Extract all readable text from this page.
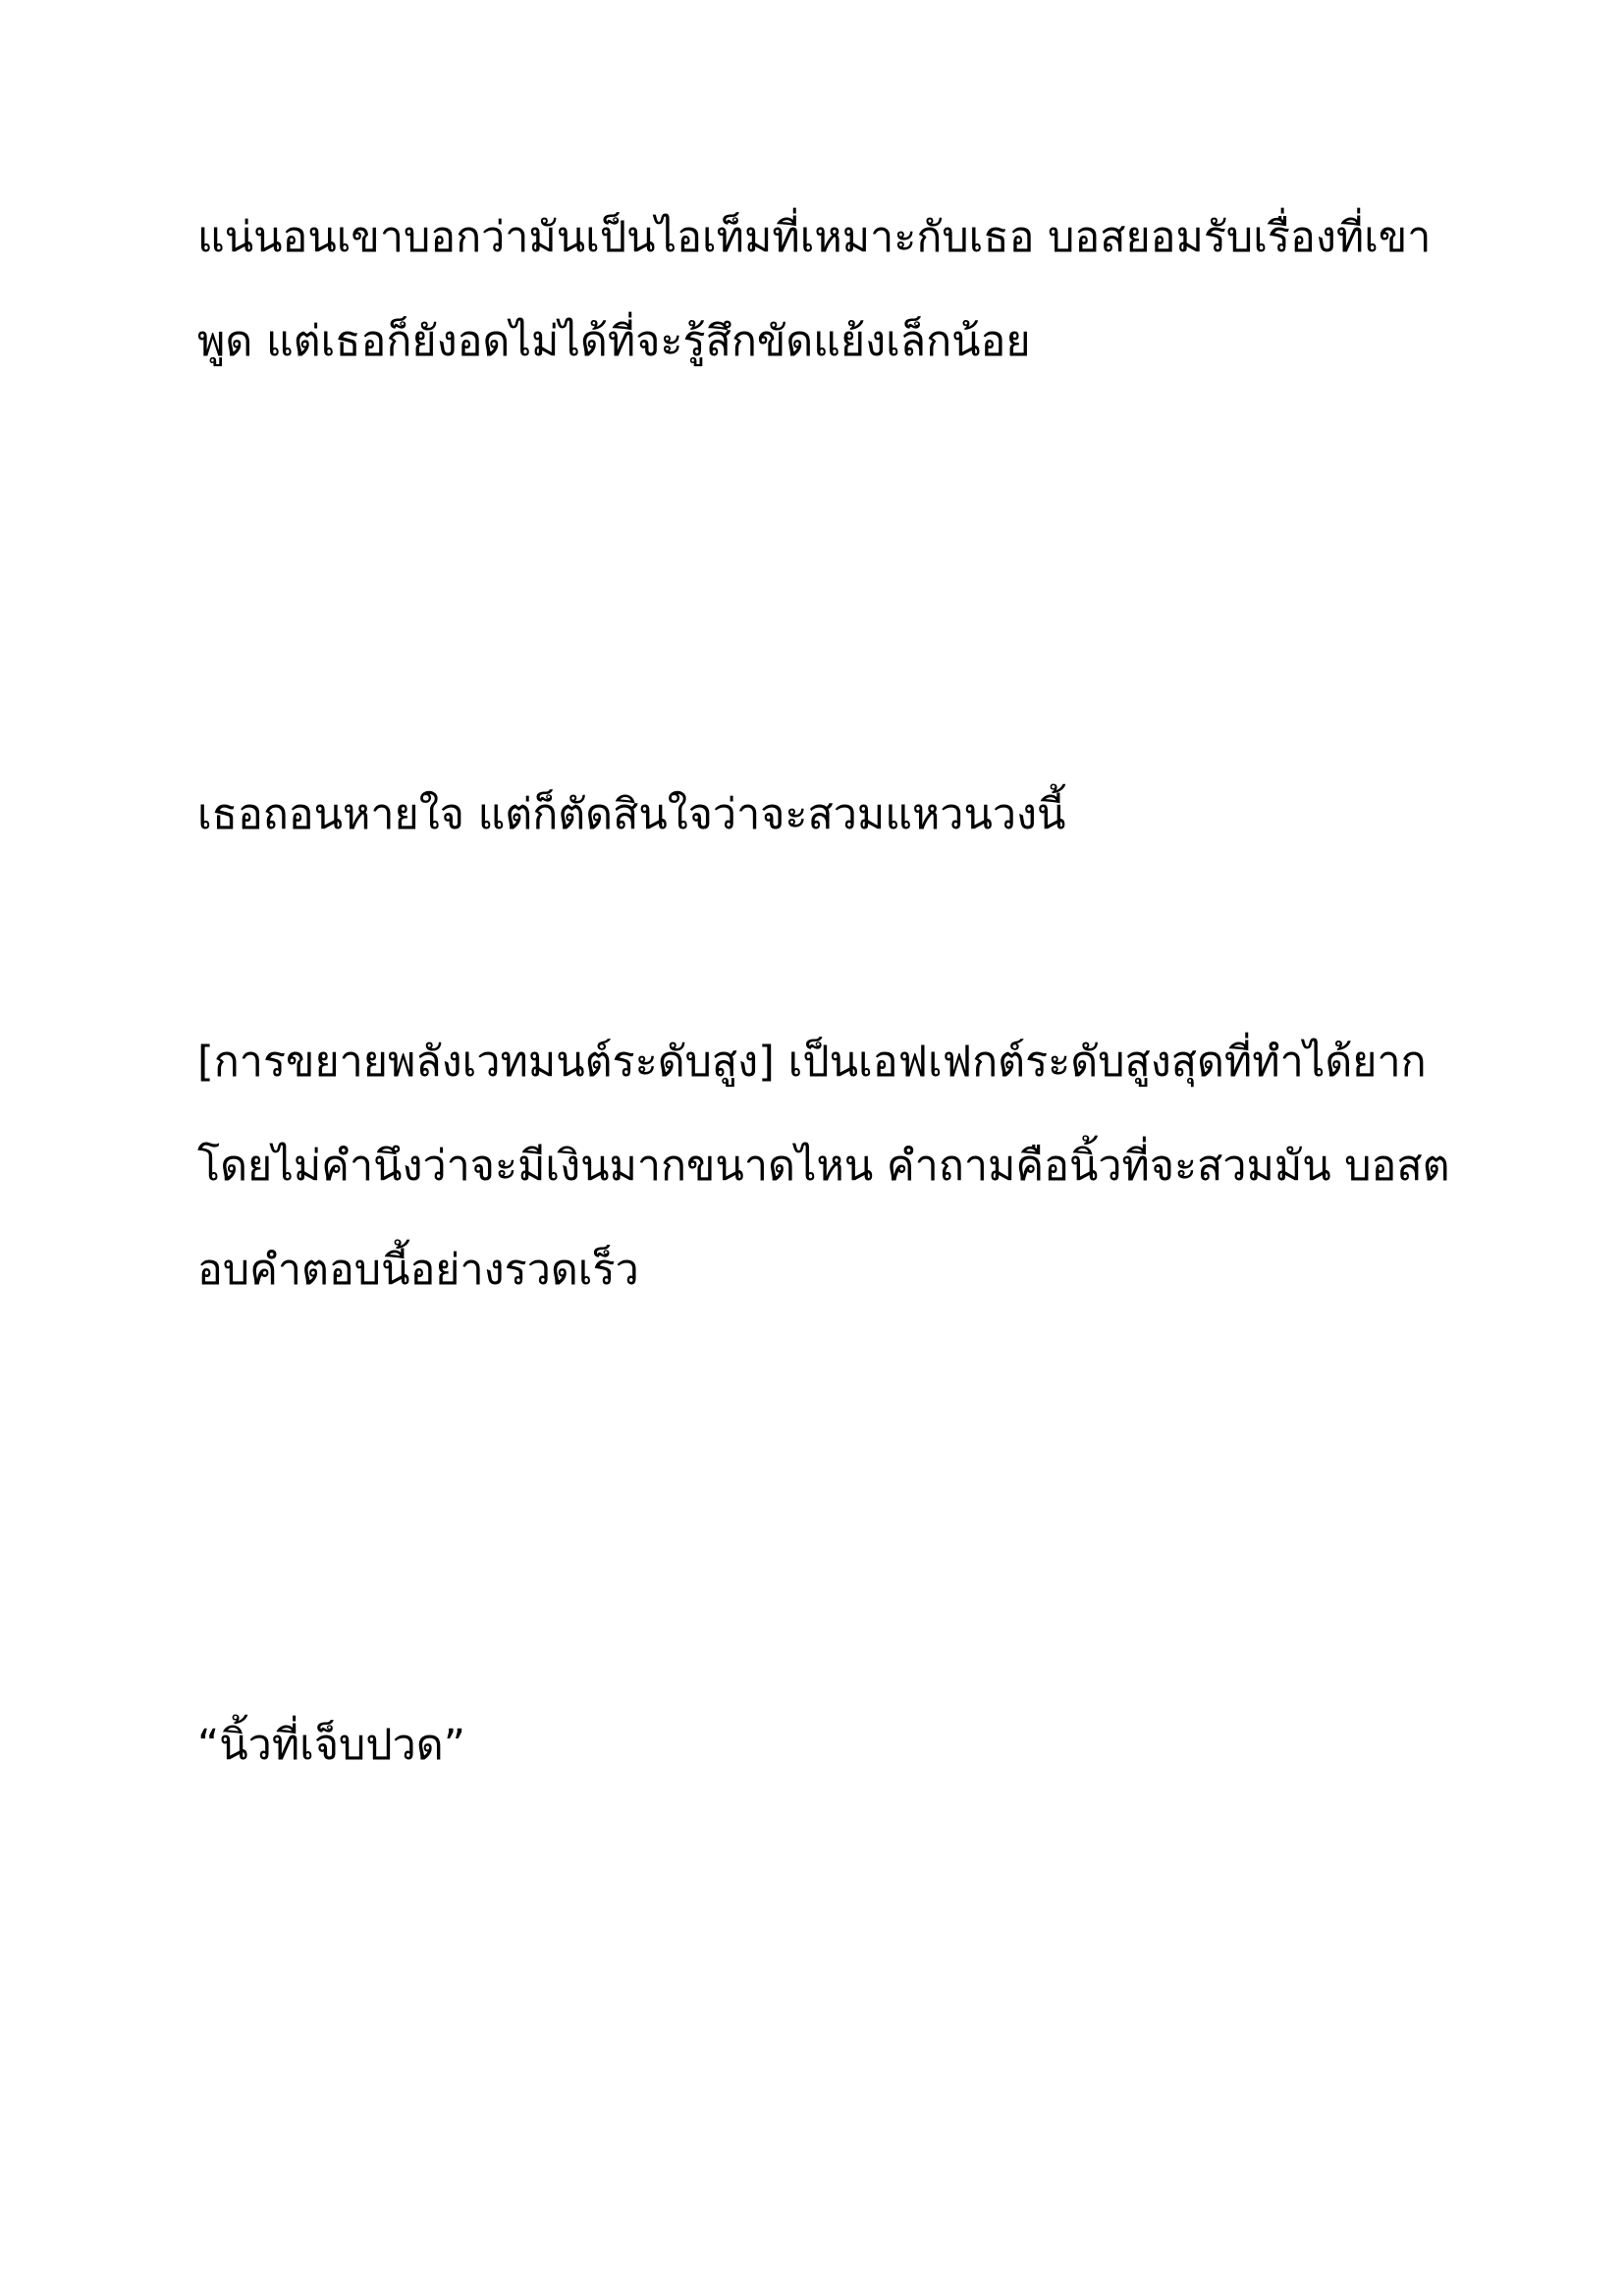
แน่นอนเขาบอกว่ามันเป็นไอเท็มที่เหมาะกับเธอ บอสยอมรับเรื่องที่เขา
พูด แต่เธอก็ยังอดไม่ได้ที่จะรู้สึกขัดแย้งเล็กน้อย
เธอถอนหายใจ แต่ก็ตัดสินใจว่าจะสวมแหวนวงนี้
[การขยายพลังเวทมนต์ระดับสูง] เป็นเอฟเฟกต์ระดับสูงสุดที่ทำได้ยาก
โดยไม่คำนึงว่าจะมีเงินมากขนาดไหน คำถามคือนิ้วที่จะสวมมัน บอสต
อบคำตอบนี้อย่างรวดเร็ว
“นิ้วที่เจ็บปวด”
